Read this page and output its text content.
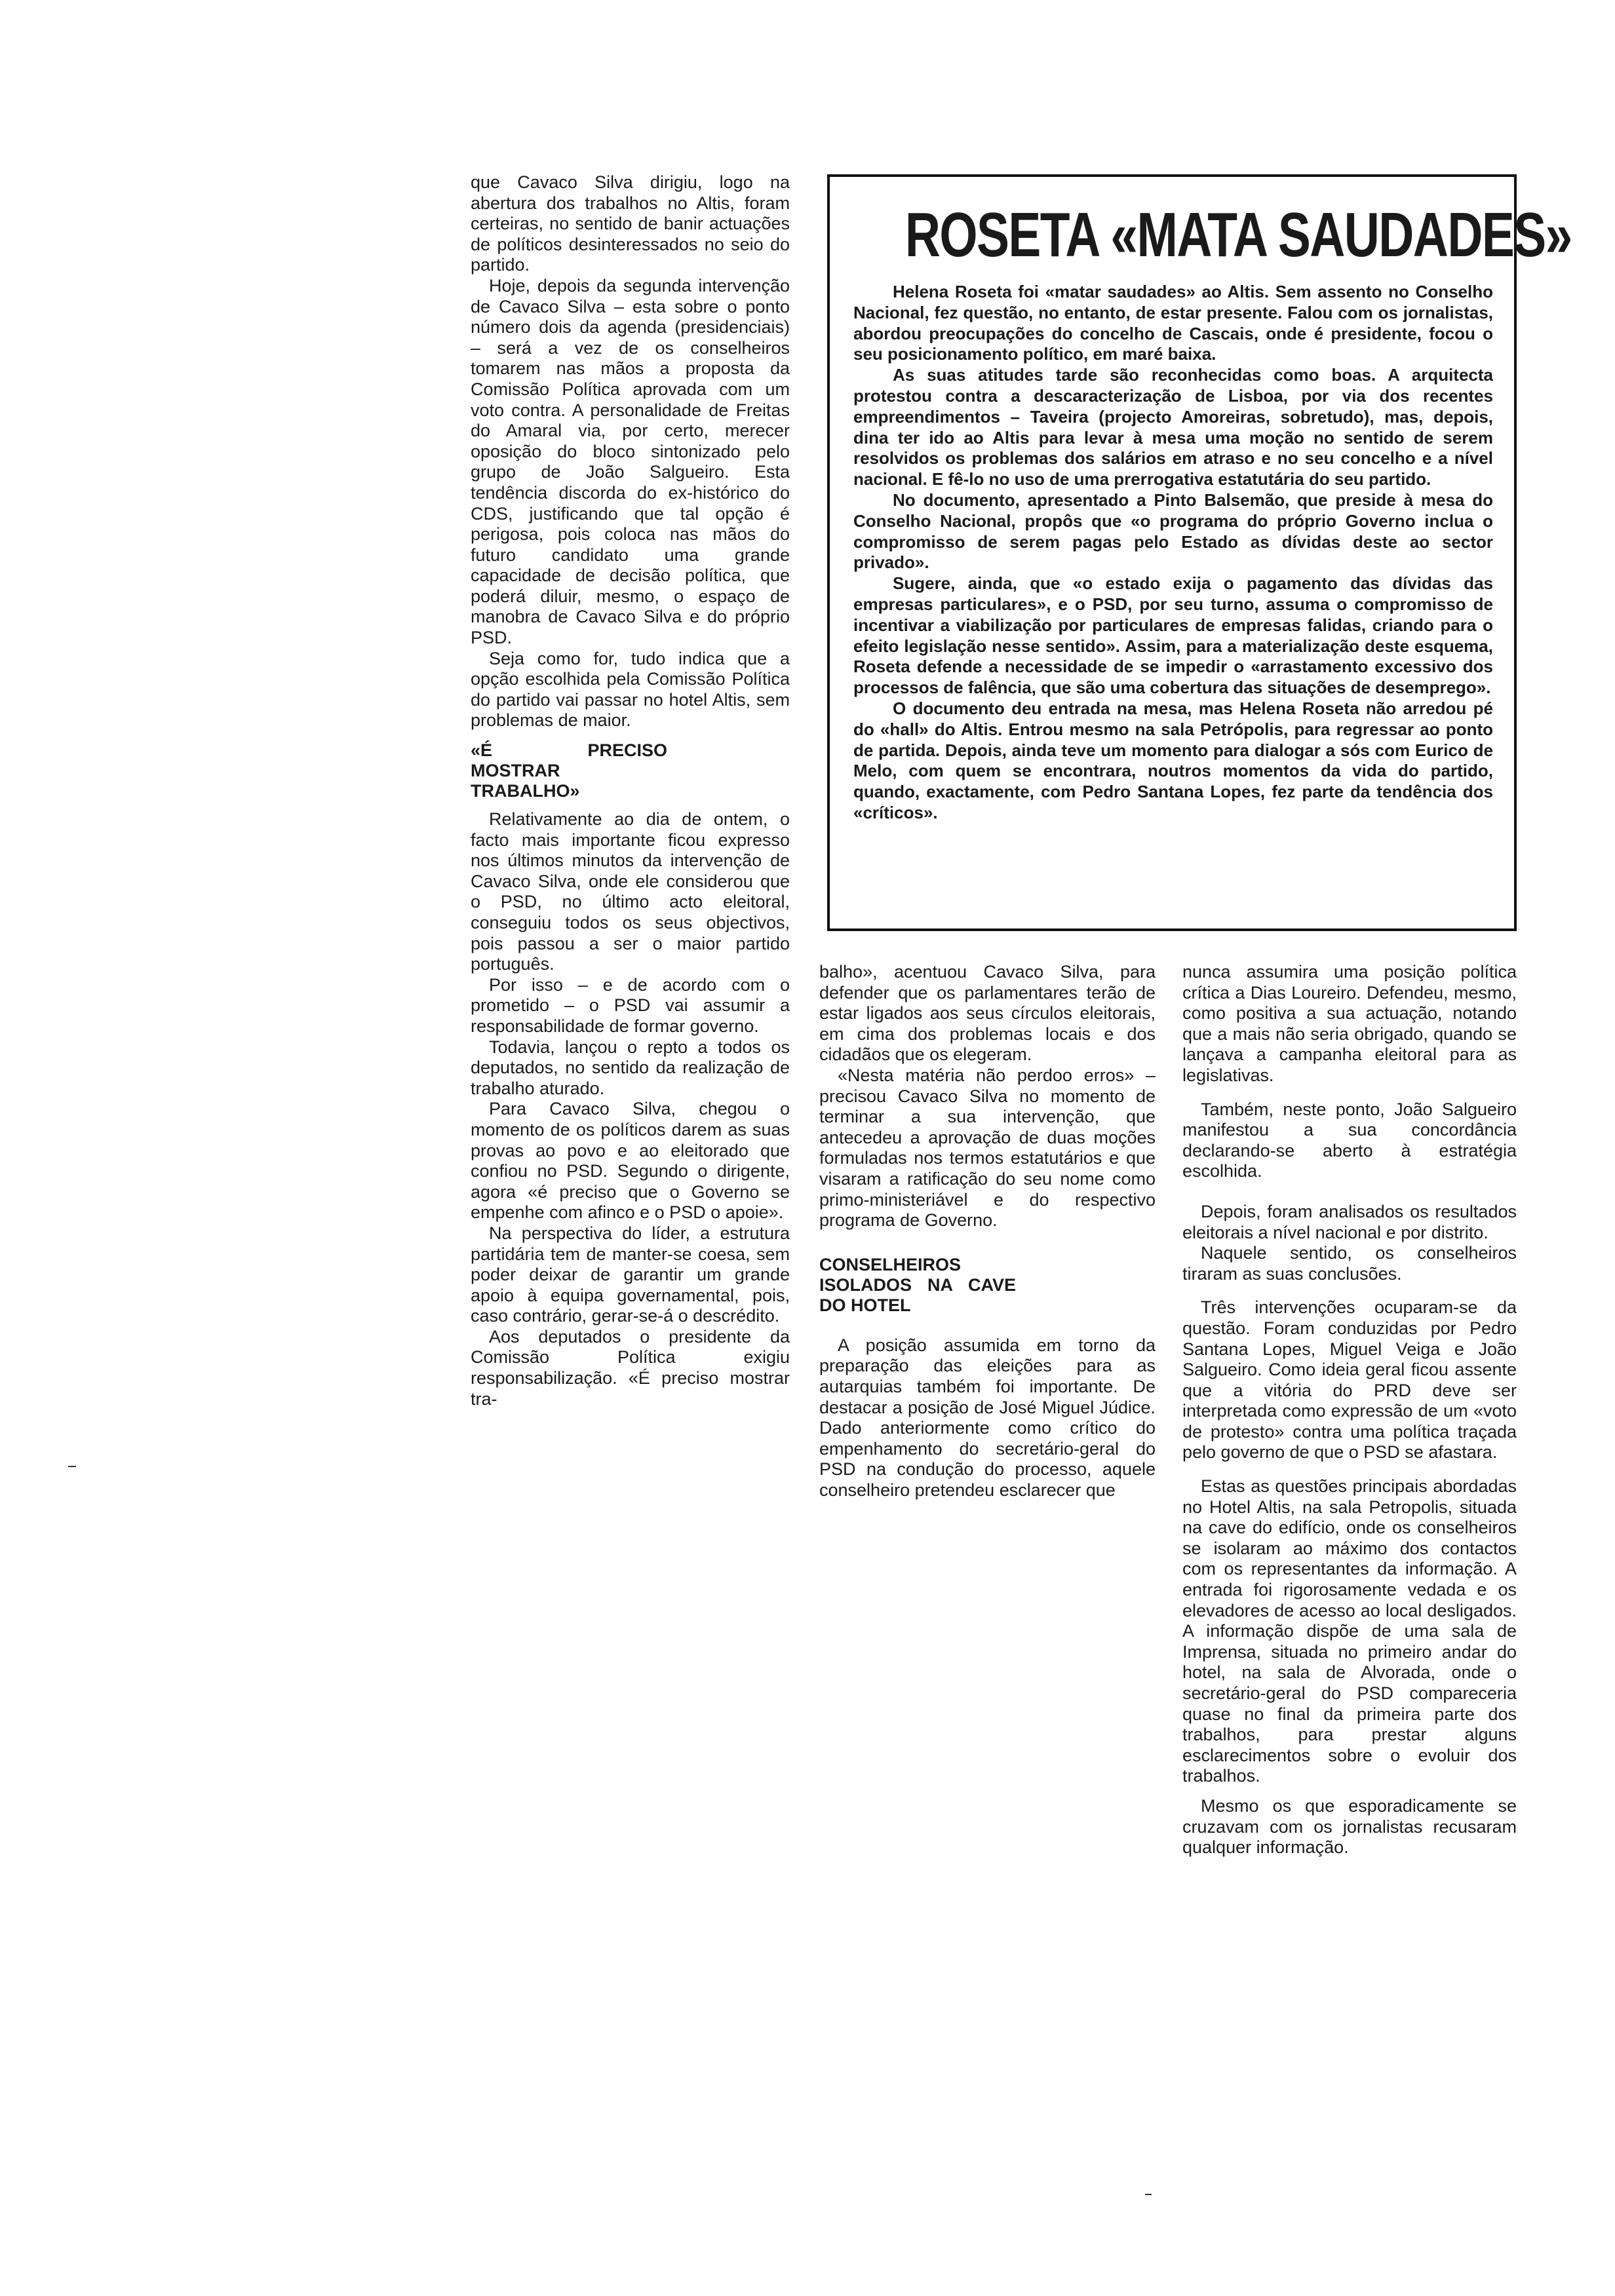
que Cavaco Silva dirigiu, logo na abertura dos trabalhos no Altis, foram certeiras, no sentido de banir actuações de políticos desinteressados no seio do partido.

Hoje, depois da segunda intervenção de Cavaco Silva – esta sobre o ponto número dois da agenda (presidenciais) – será a vez de os conselheiros tomarem nas mãos a proposta da Comissão Política aprovada com um voto contra. A personalidade de Freitas do Amaral via, por certo, merecer oposição do bloco sintonizado pelo grupo de João Salgueiro. Esta tendência discorda do ex-histórico do CDS, justificando que tal opção é perigosa, pois coloca nas mãos do futuro candidato uma grande capacidade de decisão política, que poderá diluir, mesmo, o espaço de manobra de Cavaco Silva e do próprio PSD.

Seja como for, tudo indica que a opção escolhida pela Comissão Política do partido vai passar no hotel Altis, sem problemas de maior.

«É PRECISO MOSTRAR TRABALHO»

Relativamente ao dia de ontem, o facto mais importante ficou expresso nos últimos minutos da intervenção de Cavaco Silva, onde ele considerou que o PSD, no último acto eleitoral, conseguiu todos os seus objectivos, pois passou a ser o maior partido português.

Por isso – e de acordo com o prometido – o PSD vai assumir a responsabilidade de formar governo.

Todavia, lançou o repto a todos os deputados, no sentido da realização de trabalho aturado.

Para Cavaco Silva, chegou o momento de os políticos darem as suas provas ao povo e ao eleitorado que confiou no PSD. Segundo o dirigente, agora «é preciso que o Governo se empenhe com afinco e o PSD o apoie».

Na perspectiva do líder, a estrutura partidária tem de manter-se coesa, sem poder deixar de garantir um grande apoio à equipa governamental, pois, caso contrário, gerar-se-á o descrédito.

Aos deputados o presidente da Comissão Política exigiu responsabilização. «É preciso mostrar tra-

ROSETA «MATA SAUDADES»

Helena Roseta foi «matar saudades» ao Altis. Sem assento no Conselho Nacional, fez questão, no entanto, de estar presente. Falou com os jornalistas, abordou preocupações do concelho de Cascais, onde é presidente, focou o seu posicionamento político, em maré baixa.

As suas atitudes tarde são reconhecidas como boas. A arquitecta protestou contra a descaracterização de Lisboa, por via dos recentes empreendimentos – Taveira (projecto Amoreiras, sobretudo), mas, depois, dina ter ido ao Altis para levar à mesa uma moção no sentido de serem resolvidos os problemas dos salários em atraso e no seu concelho e a nível nacional. E fê-lo no uso de uma prerrogativa estatutária do seu partido.

No documento, apresentado a Pinto Balsemão, que preside à mesa do Conselho Nacional, propôs que «o programa do próprio Governo inclua o compromisso de serem pagas pelo Estado as dívidas deste ao sector privado».

Sugere, ainda, que «o estado exija o pagamento das dívidas das empresas particulares», e o PSD, por seu turno, assuma o compromisso de incentivar a viabilização por particulares de empresas falidas, criando para o efeito legislação nesse sentido». Assim, para a materialização deste esquema, Roseta defende a necessidade de se impedir o «arrastamento excessivo dos processos de falência, que são uma cobertura das situações de desemprego».

O documento deu entrada na mesa, mas Helena Roseta não arredou pé do «hall» do Altis. Entrou mesmo na sala Petrópolis, para regressar ao ponto de partida. Depois, ainda teve um momento para dialogar a sós com Eurico de Melo, com quem se encontrara, noutros momentos da vida do partido, quando, exactamente, com Pedro Santana Lopes, fez parte da tendência dos «críticos».

balho», acentuou Cavaco Silva, para defender que os parlamentares terão de estar ligados aos seus círculos eleitorais, em cima dos problemas locais e dos cidadãos que os elegeram.

«Nesta matéria não perdoo erros» – precisou Cavaco Silva no momento de terminar a sua intervenção, que antecedeu a aprovação de duas moções formuladas nos termos estatutários e que visaram a ratificação do seu nome como primo-ministeriável e do respectivo programa de Governo.

CONSELHEIROS ISOLADOS NA CAVE DO HOTEL

A posição assumida em torno da preparação das eleições para as autarquias também foi importante. De destacar a posição de José Miguel Júdice. Dado anteriormente como crítico do empenhamento do secretário-geral do PSD na condução do processo, aquele conselheiro pretendeu esclarecer que

nunca assumira uma posição política crítica a Dias Loureiro. Defendeu, mesmo, como positiva a sua actuação, notando que a mais não seria obrigado, quando se lançava a campanha eleitoral para as legislativas.

Também, neste ponto, João Salgueiro manifestou a sua concordância declarando-se aberto à estratégia escolhida.

Depois, foram analisados os resultados eleitorais a nível nacional e por distrito.

Naquele sentido, os conselheiros tiraram as suas conclusões.

Três intervenções ocuparam-se da questão. Foram conduzidas por Pedro Santana Lopes, Miguel Veiga e João Salgueiro. Como ideia geral ficou assente que a vitória do PRD deve ser interpretada como expressão de um «voto de protesto» contra uma política traçada pelo governo de que o PSD se afastara.

Estas as questões principais abordadas no Hotel Altis, na sala Petropolis, situada na cave do edifício, onde os conselheiros se isolaram ao máximo dos contactos com os representantes da informação. A entrada foi rigorosamente vedada e os elevadores de acesso ao local desligados. A informação dispõe de uma sala de Imprensa, situada no primeiro andar do hotel, na sala de Alvorada, onde o secretário-geral do PSD compareceria quase no final da primeira parte dos trabalhos, para prestar alguns esclarecimentos sobre o evoluir dos trabalhos.

Mesmo os que esporadicamente se cruzavam com os jornalistas recusaram qualquer informação.
